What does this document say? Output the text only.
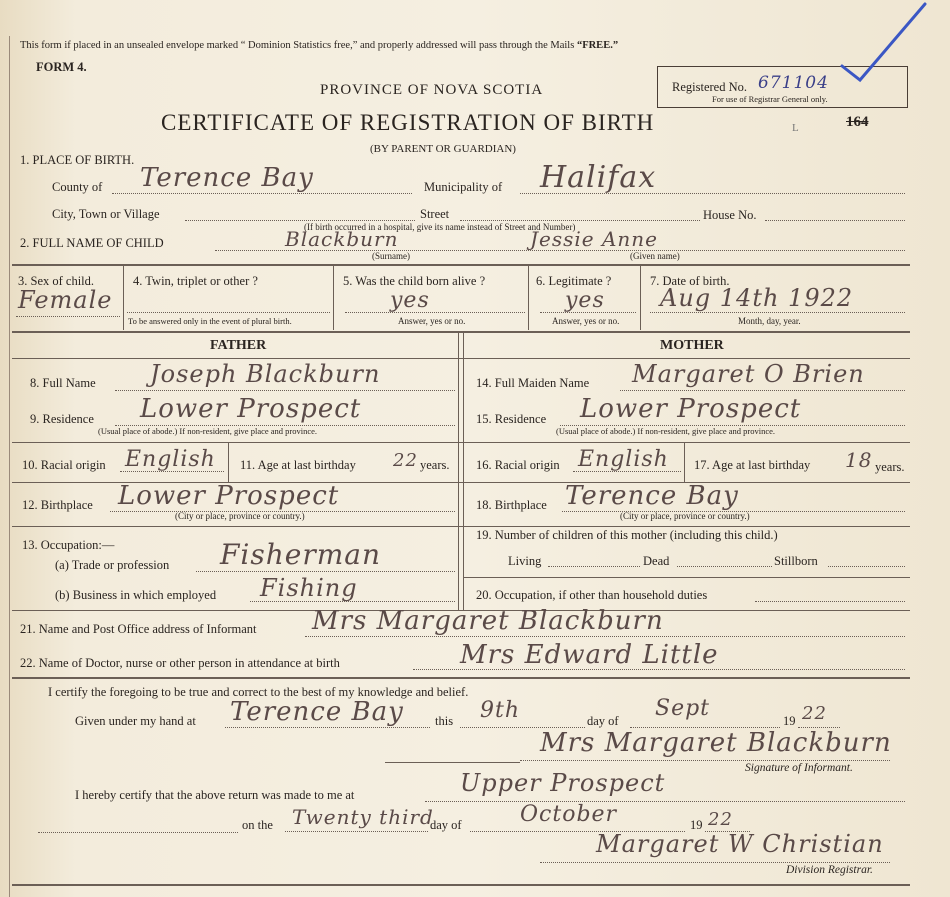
This form if placed in an unsealed envelope marked “ Dominion Statistics free,” and properly addressed will pass through the Mails “FREE.”
FORM 4.
PROVINCE OF NOVA SCOTIA
CERTIFICATE OF REGISTRATION OF BIRTH
(BY PARENT OR GUARDIAN)
Registered No. 671104
For use of Registrar General only.
164
L
1. PLACE OF BIRTH.
County of Terence Bay	Municipality of Halifax
City, Town or Village	Street	House No.
(If birth occurred in a hospital, give its name instead of Street and Number)
2. FULL NAME OF CHILD	Blackburn	Jessie Anne
(Surname)	(Given name)
3. Sex of child.
Female
4. Twin, triplet or other ?
To be answered only in the event of plural birth.
5. Was the child born alive ?
yes
Answer, yes or no.
6. Legitimate ?
yes
Answer, yes or no.
7. Date of birth.
Aug 14th 1922
Month, day, year.
FATHER	MOTHER
8. Full Name Joseph Blackburn
9. Residence Lower Prospect
(Usual place of abode.) If non-resident, give place and province.
10. Racial origin English 11. Age at last birthday 22 years.
12. Birthplace Lower Prospect
(City or place, province or country.)
13. Occupation:—
(a) Trade or profession Fisherman
(b) Business in which employed Fishing
14. Full Maiden Name Margaret O Brien
15. Residence Lower Prospect
(Usual place of abode.) If non-resident, give place and province.
16. Racial origin English 17. Age at last birthday 18 years.
18. Birthplace Terence Bay
(City or place, province or country.)
19. Number of children of this mother (including this child.)
Living	Dead	Stillborn
20. Occupation, if other than household duties
21. Name and Post Office address of Informant Mrs Margaret Blackburn
22. Name of Doctor, nurse or other person in attendance at birth	Mrs Edward Little
I certify the foregoing to be true and correct to the best of my knowledge and belief.
Given under my hand at Terence Bay this 9th	day of Sept	19 22
Mrs Margaret Blackburn
Signature of Informant.
I hereby certify that the above return was made to me at	Upper Prospect
on the Twenty third
day of	October	19 22
Margaret W Christian
Division Registrar.
